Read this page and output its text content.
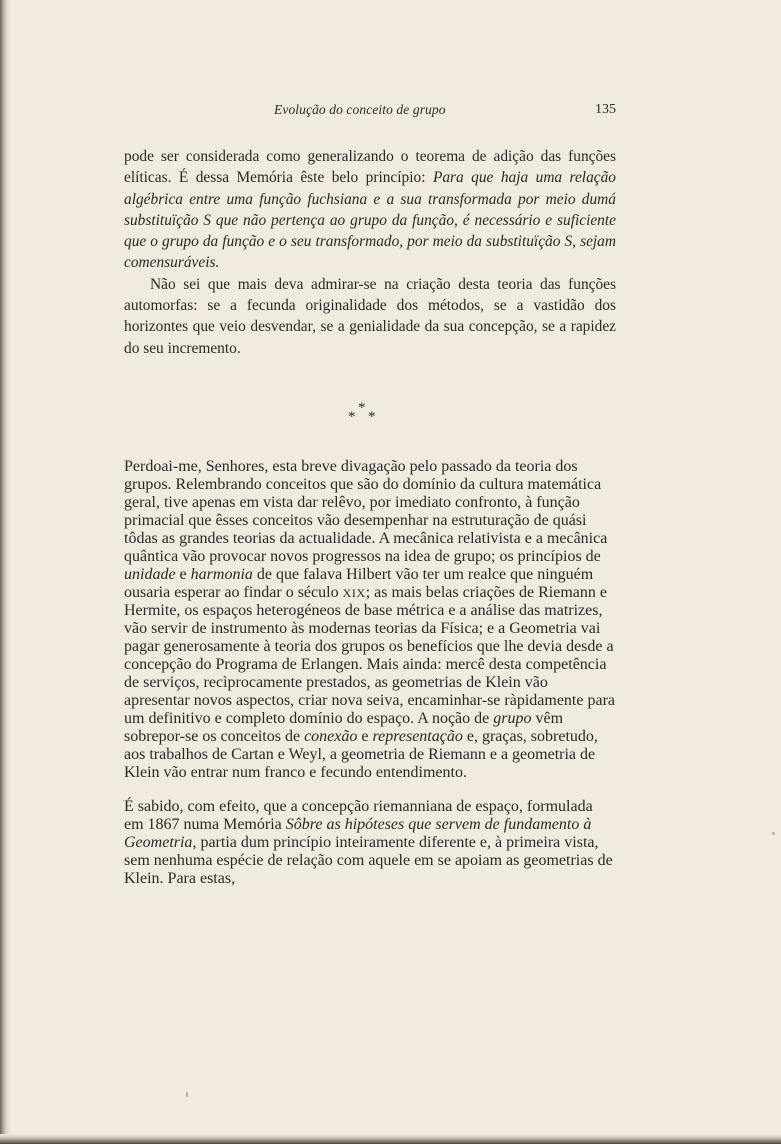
Evolução do conceito de grupo	135

pode ser considerada como generalizando o teorema de adição das funções elíticas. É dessa Memória êste belo princípio: Para que haja uma relação algébrica entre uma função fuchsiana e a sua transformada por meio dumá substituïção S que não pertença ao grupo da função, é necessário e suficiente que o grupo da função e o seu transformado, por meio da substituïção S, sejam comensuráveis.

Não sei que mais deva admirar-se na criação desta teoria das funções automorfas: se a fecunda originalidade dos métodos, se a vastidão dos horizontes que veio desvendar, se a genialidade da sua concepção, se a rapidez do seu incremento.

*
* *

Perdoai-me, Senhores, esta breve divagação pelo passado da teoria dos grupos. Relembrando conceitos que são do domínio da cultura matemática geral, tive apenas em vista dar relêvo, por imediato confronto, à função primacial que êsses conceitos vão desempenhar na estruturação de quási tôdas as grandes teorias da actualidade. A mecânica relativista e a mecânica quântica vão provocar novos progressos na idea de grupo; os princípios de unidade e harmonia de que falava Hilbert vão ter um realce que ninguém ousaria esperar ao findar o século XIX; as mais belas criações de Riemann e Hermite, os espaços heterogéneos de base métrica e a análise das matrizes, vão servir de instrumento às modernas teorias da Física; e a Geometria vai pagar generosamente à teoria dos grupos os benefícios que lhe devia desde a concepção do Programa de Erlangen. Mais ainda: mercê desta competência de serviços, recìprocamente prestados, as geometrias de Klein vão apresentar novos aspectos, criar nova seiva, encaminhar-se ràpidamente para um definitivo e completo domínio do espaço. A noção de grupo vêm sobrepor-se os conceitos de conexão e representação e, graças, sobretudo, aos trabalhos de Cartan e Weyl, a geometria de Riemann e a geometria de Klein vão entrar num franco e fecundo entendimento.

É sabido, com efeito, que a concepção riemanniana de espaço, formulada em 1867 numa Memória Sôbre as hipóteses que servem de fundamento à Geometria, partia dum princípio inteiramente diferente e, à primeira vista, sem nenhuma espécie de relação com aquele em se apoiam as geometrias de Klein. Para estas,
